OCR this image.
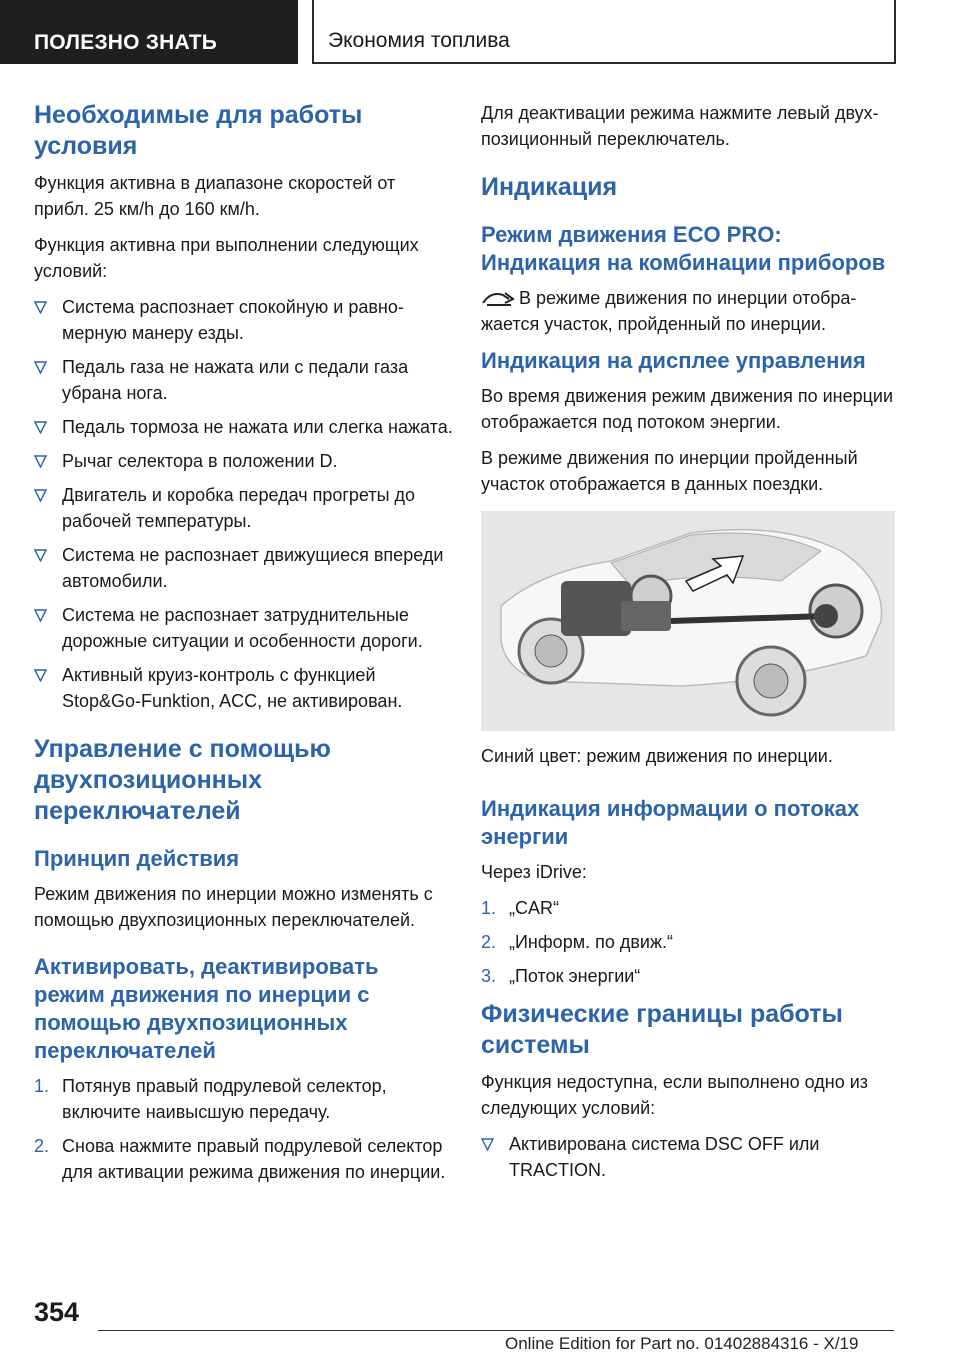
ПОЛЕЗНО ЗНАТЬ	Экономия топлива
Необходимые для работы условия
Функция активна в диапазоне скоростей от прибл. 25 км/h до 160 км/h.
Функция активна при выполнении следующих условий:
Система распознает спокойную и равномерную манеру езды.
Педаль газа не нажата или с педали газа убрана нога.
Педаль тормоза не нажата или слегка нажата.
Рычаг селектора в положении D.
Двигатель и коробка передач прогреты до рабочей температуры.
Система не распознает движущиеся впереди автомобили.
Система не распознает затруднительные дорожные ситуации и особенности дороги.
Активный круиз-контроль с функцией Stop&Go-Funktion, ACC, не активирован.
Управление с помощью двухпозиционных переключателей
Принцип действия
Режим движения по инерции можно изменять с помощью двухпозиционных переключателей.
Активировать, деактивировать режим движения по инерции с помощью двухпозиционных переключателей
1. Потянув правый подрулевой селектор, включите наивысшую передачу.
2. Снова нажмите правый подрулевой селектор для активации режима движения по инерции.
Для деактивации режима нажмите левый двухпозиционный переключатель.
Индикация
Режим движения ECO PRO: Индикация на комбинации приборов
В режиме движения по инерции отображается участок, пройденный по инерции.
Индикация на дисплее управления
Во время движения режим движения по инерции отображается под потоком энергии.
В режиме движения по инерции пройденный участок отображается в данных поездки.
Синий цвет: режим движения по инерции.
Индикация информации о потоках энергии
Через iDrive:
1. „CAR“
2. „Информ. по движ.“
3. „Поток энергии“
Физические границы работы системы
Функция недоступна, если выполнено одно из следующих условий:
Активирована система DSC OFF или TRACTION.
354
Online Edition for Part no. 01402884316 - X/19
